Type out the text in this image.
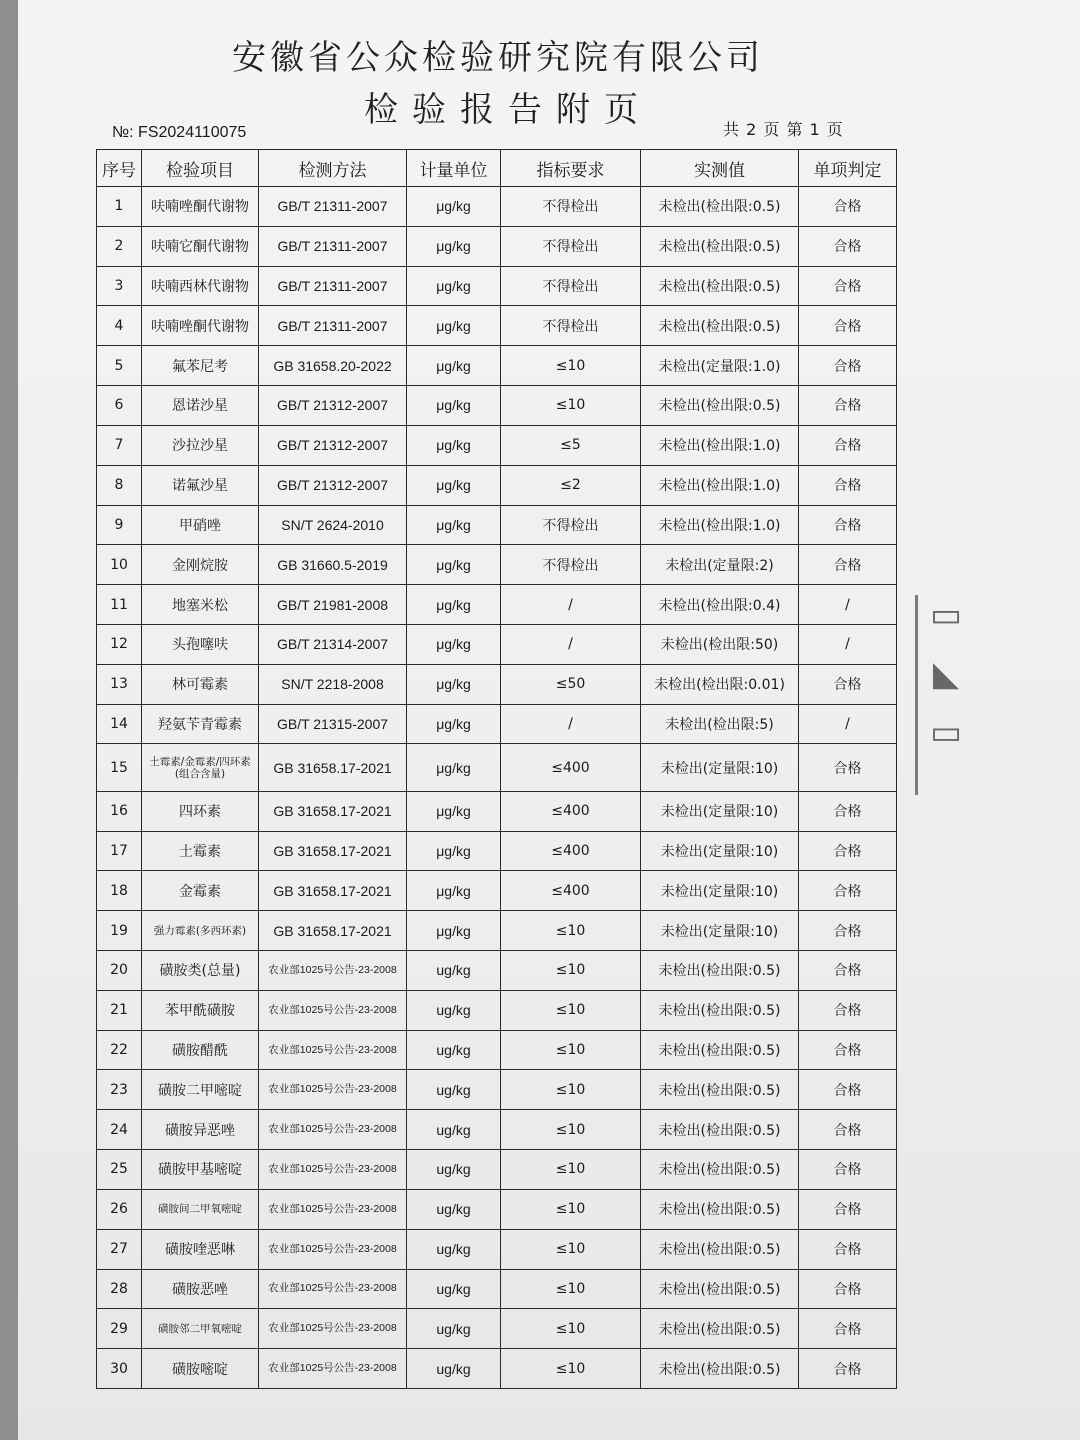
安徽省公众检验研究院有限公司
检验报告附页
№: FS2024110075	共 2 页 第 1 页
序号	检验项目	检测方法	计量单位	指标要求	实测值	单项判定
1	呋喃唑酮代谢物	GB/T 21311-2007	μg/kg	不得检出	未检出(检出限:0.5)	合格
2	呋喃它酮代谢物	GB/T 21311-2007	μg/kg	不得检出	未检出(检出限:0.5)	合格
3	呋喃西林代谢物	GB/T 21311-2007	μg/kg	不得检出	未检出(检出限:0.5)	合格
4	呋喃唑酮代谢物	GB/T 21311-2007	μg/kg	不得检出	未检出(检出限:0.5)	合格
5	氟苯尼考	GB 31658.20-2022	μg/kg	≤10	未检出(定量限:1.0)	合格
6	恩诺沙星	GB/T 21312-2007	μg/kg	≤10	未检出(检出限:0.5)	合格
7	沙拉沙星	GB/T 21312-2007	μg/kg	≤5	未检出(检出限:1.0)	合格
8	诺氟沙星	GB/T 21312-2007	μg/kg	≤2	未检出(检出限:1.0)	合格
9	甲硝唑	SN/T 2624-2010	μg/kg	不得检出	未检出(检出限:1.0)	合格
10	金刚烷胺	GB 31660.5-2019	μg/kg	不得检出	未检出(定量限:2)	合格
11	地塞米松	GB/T 21981-2008	μg/kg	/	未检出(检出限:0.4)	/
12	头孢噻呋	GB/T 21314-2007	μg/kg	/	未检出(检出限:50)	/
13	林可霉素	SN/T 2218-2008	μg/kg	≤50	未检出(检出限:0.01)	合格
14	羟氨苄青霉素	GB/T 21315-2007	μg/kg	/	未检出(检出限:5)	/
15	土霉素/金霉素/四环素(组合含量)	GB 31658.17-2021	μg/kg	≤400	未检出(定量限:10)	合格
16	四环素	GB 31658.17-2021	μg/kg	≤400	未检出(定量限:10)	合格
17	土霉素	GB 31658.17-2021	μg/kg	≤400	未检出(定量限:10)	合格
18	金霉素	GB 31658.17-2021	μg/kg	≤400	未检出(定量限:10)	合格
19	强力霉素(多西环素)	GB 31658.17-2021	μg/kg	≤10	未检出(定量限:10)	合格
20	磺胺类(总量)	农业部1025号公告-23-2008	ug/kg	≤10	未检出(检出限:0.5)	合格
21	苯甲酰磺胺	农业部1025号公告-23-2008	ug/kg	≤10	未检出(检出限:0.5)	合格
22	磺胺醋酰	农业部1025号公告-23-2008	ug/kg	≤10	未检出(检出限:0.5)	合格
23	磺胺二甲嘧啶	农业部1025号公告-23-2008	ug/kg	≤10	未检出(检出限:0.5)	合格
24	磺胺异恶唑	农业部1025号公告-23-2008	ug/kg	≤10	未检出(检出限:0.5)	合格
25	磺胺甲基嘧啶	农业部1025号公告-23-2008	ug/kg	≤10	未检出(检出限:0.5)	合格
26	磺胺间二甲氧嘧啶	农业部1025号公告-23-2008	ug/kg	≤10	未检出(检出限:0.5)	合格
27	磺胺喹恶啉	农业部1025号公告-23-2008	ug/kg	≤10	未检出(检出限:0.5)	合格
28	磺胺恶唑	农业部1025号公告-23-2008	ug/kg	≤10	未检出(检出限:0.5)	合格
29	磺胺邻二甲氧嘧啶	农业部1025号公告-23-2008	ug/kg	≤10	未检出(检出限:0.5)	合格
30	磺胺嘧啶	农业部1025号公告-23-2008	ug/kg	≤10	未检出(检出限:0.5)	合格
▭ ◣ ▭
